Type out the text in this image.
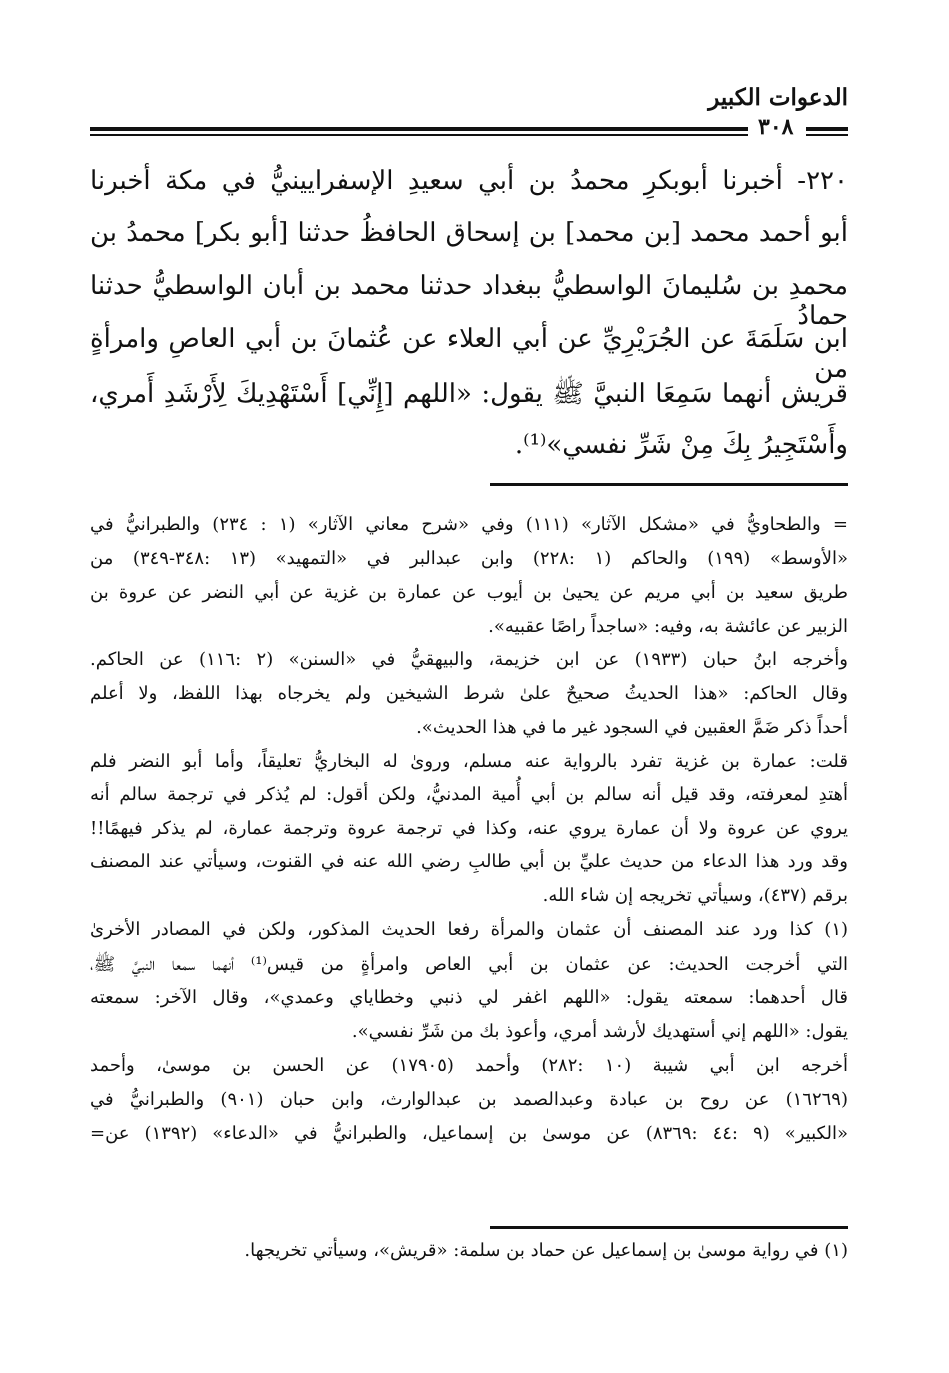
الدعوات الكبير
٣٠٨
٢٢٠- أخبرنا أبوبكرِ محمدُ بن أبي سعيدِ الإسفرايينيُّ في مكة أخبرنا
أبو أحمد محمد [بن محمد] بن إسحاق الحافظُ حدثنا [أبو بكر] محمدُ بن
محمدِ بن سُليمانَ الواسطيُّ ببغداد حدثنا محمد بن أبان الواسطيُّ حدثنا حمادُ
ابن سَلَمَةَ عن الجُرَيْرِيِّ عن أبي العلاء عن عُثمانَ بن أبي العاصِ وامرأةٍ من
قريش أنهما سَمِعَا النبيَّ ﷺ يقول: «اللهم [إِنِّي] أَسْتَهْدِيكَ لِأَرْشَدِ أَمري،
وأَسْتَجِيرُ بِكَ مِنْ شَرِّ نفسي»⁽¹⁾.
= والطحاويُّ في «مشكل الآثار» (١١١) وفي «شرح معاني الآثار» (١ : ٢٣٤) والطبرانيُّ في
«الأوسط» (١٩٩) والحاكم (١ :٢٢٨) وابن عبدالبر في «التمهيد» (١٣ :٣٤٨-٣٤٩) من
طريق سعيد بن أبي مريم عن يحيىٰ بن أيوب عن عمارة بن غزية عن أبي النضر عن عروة بن
الزبير عن عائشة به، وفيه: «ساجداً راصًا عقبيه».
وأخرجه ابنُ حبان (١٩٣٣) عن ابن خزيمة، والبيهقيُّ في «السنن» (٢ :١١٦) عن الحاكم.
وقال الحاكم: «هذا الحديثُ صحيحٌ علىٰ شرط الشيخين ولم يخرجاه بهذا اللفظ، ولا أعلم
أحداً ذكر ضَمَّ العقبين في السجود غير ما في هذا الحديث».
قلت: عمارة بن غزية تفرد بالرواية عنه مسلم، وروىٰ له البخاريُّ تعليقاً، وأما أبو النضر فلم
أهتدِ لمعرفته، وقد قيل أنه سالم بن أبي أُمية المدنيُّ، ولكن أقول: لم يُذكر في ترجمة سالم أنه
يروي عن عروة ولا أن عمارة يروي عنه، وكذا في ترجمة عروة وترجمة عمارة، لم يذكر فيهمًا!!
وقد ورد هذا الدعاء من حديث عليِّ بن أبي طالبِ رضي الله عنه في القنوت، وسيأتي عند المصنف
برقم (٤٣٧)، وسيأتي تخريجه إن شاء الله.
(١) كذا ورد عند المصنف أن عثمان والمرأة رفعا الحديث المذكور، ولكن في المصادر الأخرىٰ
التي أخرجت الحديث: عن عثمان بن أبي العاص وامرأةٍ من قيس⁽¹⁾ أنهما سمعا النبيَّ ﷺ،
قال أحدهما: سمعته يقول: «اللهم اغفر لي ذنبي وخطاياي وعمدي»، وقال الآخر: سمعته
يقول: «اللهم إني أستهديك لأرشد أمري، وأعوذ بك من شَرِّ نفسي».
أخرجه ابن أبي شيبة (١٠ :٢٨٢) وأحمد (١٧٩٠٥) عن الحسن بن موسىٰ، وأحمد
(١٦٢٦٩) عن روح بن عبادة وعبدالصمد بن عبدالوارث، وابن حبان (٩٠١) والطبرانيُّ في
«الكبير» (٩ :٤٤ :٨٣٦٩) عن موسىٰ بن إسماعيل، والطبرانيُّ في «الدعاء» (١٣٩٢) عن=
(١) في رواية موسىٰ بن إسماعيل عن حماد بن سلمة: «قريش»، وسيأتي تخريجها.
